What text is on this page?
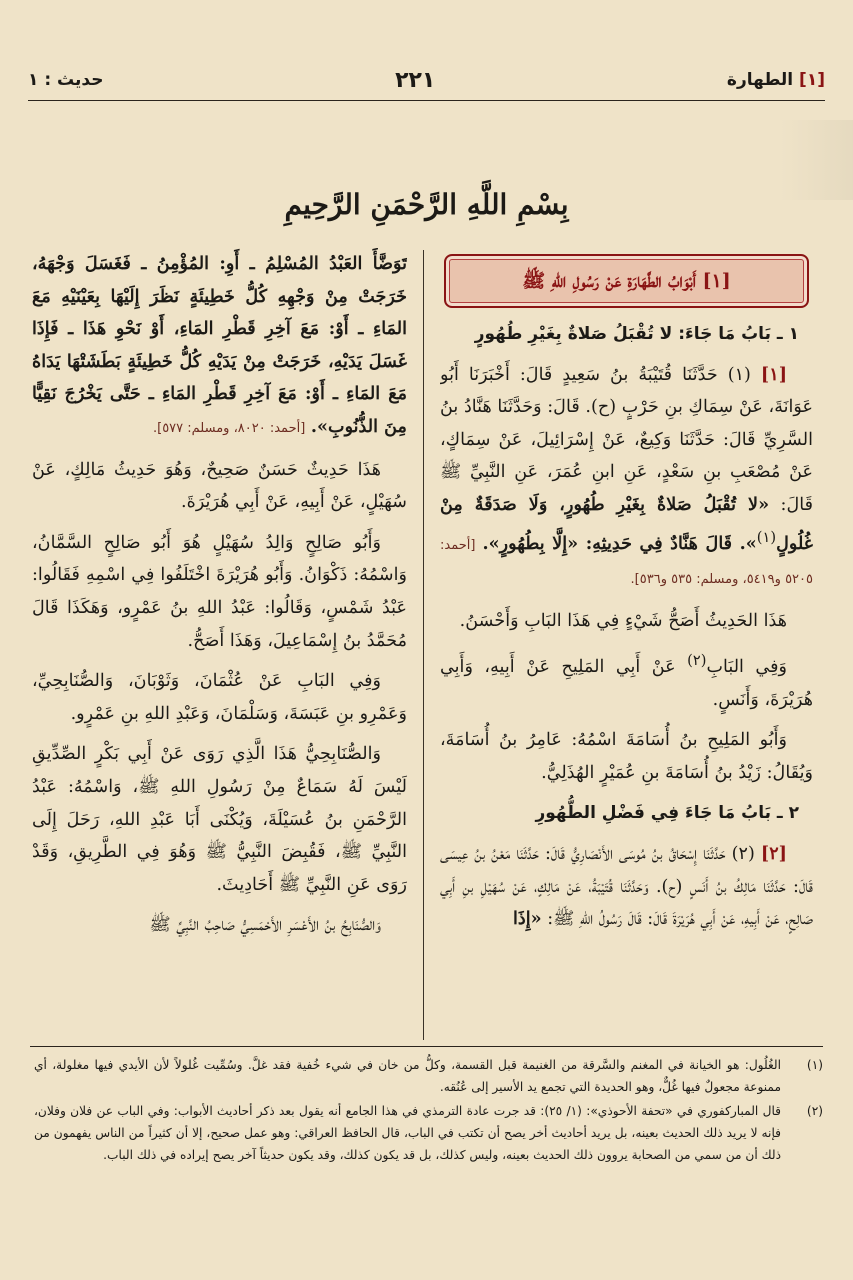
[١] الطهارة
٢٢١
حديث : ١
بِسْمِ اللَّهِ الرَّحْمَنِ الرَّحِيمِ
[١] أَبْوَابُ الطَّهَارَةِ عَنْ رَسُولِ اللهِ ﷺ
١ ـ بَابُ مَا جَاءَ: لا تُقْبَلُ صَلاةٌ بِغَيْرِ طُهُورٍ

[١] (١) حَدَّثَنَا قُتَيْبَةُ بنُ سَعِيدٍ قَالَ: أَخْبَرَنَا أَبُو عَوَانَةَ، عَنْ سِمَاكِ بنِ حَرْبٍ (ح). قَالَ: وَحَدَّثَنَا هَنَّادُ بنُ السَّرِيِّ قَالَ: حَدَّثَنَا وَكِيعٌ، عَنْ إِسْرَائِيلَ، عَنْ سِمَاكٍ، عَنْ مُصْعَبِ بنِ سَعْدٍ، عَنِ ابنِ عُمَرَ، عَنِ النَّبِيِّ ﷺ قَالَ: «لا تُقْبَلُ صَلاةٌ بِغَيْرِ طُهُورٍ، وَلَا صَدَقَةٌ مِنْ غُلُولٍ$^{(١)}$». قَالَ هَنَّادٌ فِي حَدِيثِهِ: «إِلَّا بِطُهُورٍ». [أحمد: ٥٢٠٥ و٥٤١٩، ومسلم: ٥٣٥ و٥٣٦].

هَذَا الحَدِيثُ أَصَحُّ شَيْءٍ فِي هَذَا البَابِ وَأَحْسَنُ.

وَفِي البَابِ$^{(٢)}$ عَنْ أَبِي المَلِيحِ عَنْ أَبِيهِ، وَأَبِي هُرَيْرَةَ، وَأَنَسٍ.

وَأَبُو المَلِيحِ بنُ أُسَامَةَ اسْمُهُ: عَامِرُ بنُ أُسَامَةَ، وَيُقَالُ: زَيْدُ بنُ أُسَامَةَ بنِ عُمَيْرٍ الهُذَلِيُّ.

٢ ـ بَابُ مَا جَاءَ فِي فَضْلِ الطُّهُورِ

[٢] (٢) حَدَّثَنَا إِسْحَاقُ بنُ مُوسَى الأَنْصَارِيُّ قَالَ: حَدَّثَنَا مَعْنُ بنُ عِيسَى قَالَ: حَدَّثَنَا مَالِكُ بنُ أَنَسٍ (ح). وَحَدَّثَنَا قُتَيْبَةُ، عَنْ مَالِكٍ، عَنْ سُهَيْلِ بنِ أَبِي صَالِحٍ، عَنْ أَبِيهِ، عَنْ أَبِي هُرَيْرَةَ قَالَ: قَالَ رَسُولُ اللهِ ﷺ: «إِذَا

تَوَضَّأَ العَبْدُ المُسْلِمُ ـ أَوِ: المُؤْمِنُ ـ فَغَسَلَ وَجْهَهُ، خَرَجَتْ مِنْ وَجْهِهِ كُلُّ خَطِيئَةٍ نَظَرَ إِلَيْهَا بِعَيْنَيْهِ مَعَ المَاءِ ـ أَوْ: مَعَ آخِرِ قَطْرِ المَاءِ، أَوْ نَحْوِ هَذَا ـ فَإِذَا غَسَلَ يَدَيْهِ، خَرَجَتْ مِنْ يَدَيْهِ كُلُّ خَطِيئَةٍ بَطَشَتْهَا يَدَاهُ مَعَ المَاءِ ـ أَوْ: مَعَ آخِرِ قَطْرِ المَاءِ ـ حَتَّى يَخْرُجَ نَقِيًّا مِنَ الذُّنُوبِ». [أحمد: ٨٠٢٠، ومسلم: ٥٧٧].

هَذَا حَدِيثٌ حَسَنٌ صَحِيحٌ، وَهُوَ حَدِيثُ مَالِكٍ، عَنْ سُهَيْلٍ، عَنْ أَبِيهِ، عَنْ أَبِي هُرَيْرَةَ.

وَأَبُو صَالِحٍ وَالِدُ سُهَيْلٍ هُوَ أَبُو صَالِحٍ السَّمَّانُ، وَاسْمُهُ: ذَكْوَانُ. وَأَبُو هُرَيْرَةَ اخْتَلَفُوا فِي اسْمِهِ فَقَالُوا: عَبْدُ شَمْسٍ، وَقَالُوا: عَبْدُ اللهِ بنُ عَمْرٍو، وَهَكَذَا قَالَ مُحَمَّدُ بنُ إِسْمَاعِيلَ، وَهَذَا أَصَحُّ.

وَفِي البَابِ عَنْ عُثْمَانَ، وَثَوْبَانَ، وَالصُّنَابِحِيِّ، وَعَمْرِو بنِ عَبَسَةَ، وَسَلْمَانَ، وَعَبْدِ اللهِ بنِ عَمْرٍو.

وَالصُّنَابِحِيُّ هَذَا الَّذِي رَوَى عَنْ أَبِي بَكْرٍ الصِّدِّيقِ لَيْسَ لَهُ سَمَاعٌ مِنْ رَسُولِ اللهِ ﷺ، وَاسْمُهُ: عَبْدُ الرَّحْمَنِ بنُ عُسَيْلَةَ، وَيُكْنَى أَبَا عَبْدِ اللهِ، رَحَلَ إِلَى النَّبِيِّ ﷺ، فَقُبِضَ النَّبِيُّ ﷺ وَهُوَ فِي الطَّرِيقِ، وَقَدْ رَوَى عَنِ النَّبِيِّ ﷺ أَحَادِيثَ.

وَالصُّنَابِحُ بنُ الأَعْسَرِ الأَحْمَسِيُّ صَاحِبُ النَّبِيِّ ﷺ

(١)
الغُلُول: هو الخيانة في المغنم والسَّرقة من الغنيمة قبل القسمة، وكلُّ من خان في شيء خُفية فقد غلَّ. وسُمِّيت غُلولاً لأن الأيدي فيها مغلولة، أي ممنوعة مجعولٌ فيها غُلٌّ، وهو الحديدة التي تجمع يد الأسير إلى عُنُقه.
(٢)
قال المباركفوري في «تحفة الأحوذي»: (١/ ٢٥): قد جرت عادة الترمذي في هذا الجامع أنه يقول بعد ذكر أحاديث الأبواب: وفي الباب عن فلان وفلان، فإنه لا يريد ذلك الحديث بعينه، بل يريد أحاديث أخر يصح أن تكتب في الباب، قال الحافظ العراقي: وهو عمل صحيح، إلا أن كثيراً من الناس يفهمون من ذلك أن من سمي من الصحابة يروون ذلك الحديث بعينه، وليس كذلك، بل قد يكون كذلك، وقد يكون حديثاً آخر يصح إيراده في ذلك الباب.
